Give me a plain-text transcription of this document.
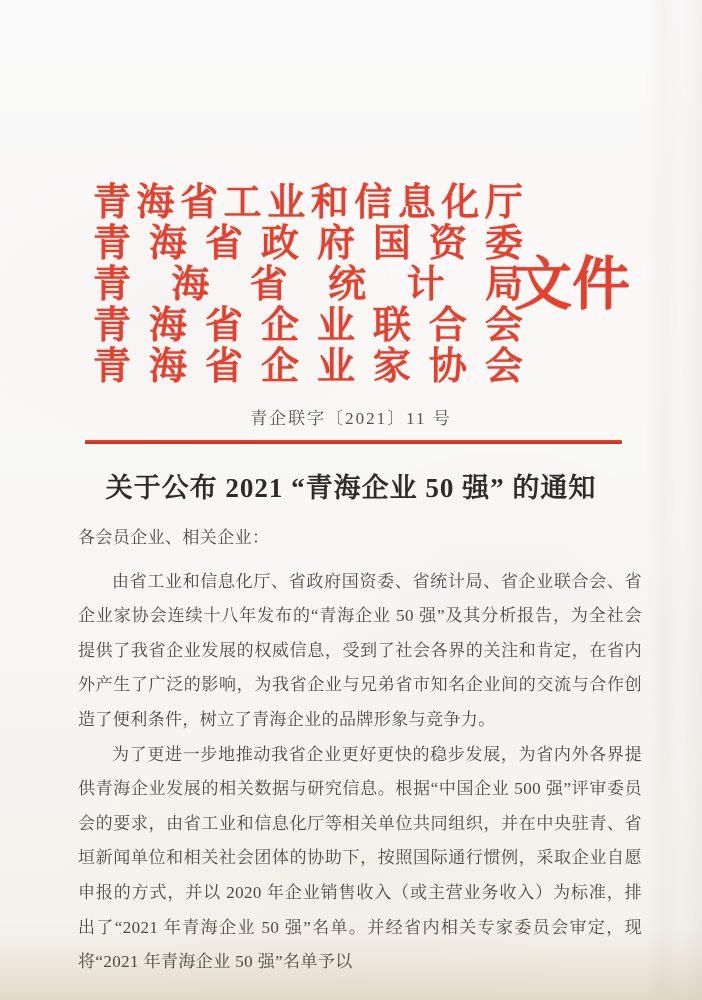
青 海 省 工 业 和 信 息 化 厅
青 海 省 政 府 国 资 委
青 海 省 统 计 局
青 海 省 企 业 联 合 会
青 海 省 企 业 家 协 会
文 件
青企联字〔2021〕11 号
关于公布 2021 “青海企业 50 强” 的通知

各会员企业、相关企业：

由省工业和信息化厅、省政府国资委、省统计局、省企业联合会、省企业家协会连续十八年发布的“青海企业 50 强”及其分析报告，为全社会提供了我省企业发展的权威信息，受到了社会各界的关注和肯定，在省内外产生了广泛的影响，为我省企业与兄弟省市知名企业间的交流与合作创造了便利条件，树立了青海企业的品牌形象与竞争力。

为了更进一步地推动我省企业更好更快的稳步发展，为省内外各界提供青海企业发展的相关数据与研究信息。根据“中国企业 500 强”评审委员会的要求，由省工业和信息化厅等相关单位共同组织，并在中央驻青、省垣新闻单位和相关社会团体的协助下，按照国际通行惯例，采取企业自愿申报的方式，并以 2020 年企业销售收入（或主营业务收入）为标准，排出了“2021 年青海企业 50 强”名单。并经省内相关专家委员会审定，现将“2021 年青海企业 50 强”名单予以
